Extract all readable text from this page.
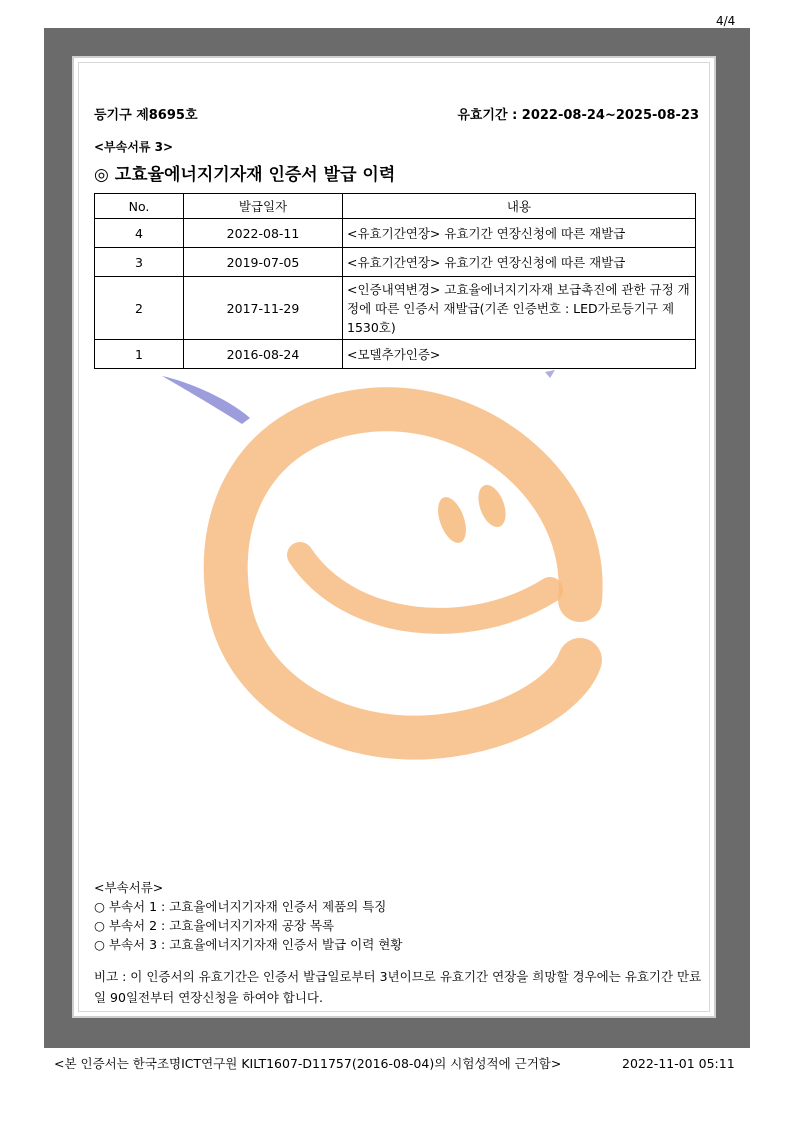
4/4
등기구 제8695호	유효기간 : 2022-08-24~2025-08-23
<부속서류 3>
◎ 고효율에너지기자재 인증서 발급 이력
No.	발급일자	내용
4	2022-08-11	<유효기간연장> 유효기간 연장신청에 따른 재발급
3	2019-07-05	<유효기간연장> 유효기간 연장신청에 따른 재발급
2	2017-11-29	<인증내역변경> 고효율에너지기자재 보급촉진에 관한 규정 개정에 따른 인증서 재발급(기존 인증번호 : LED가로등기구 제1530호)
1	2016-08-24	<모델추가인증>
<부속서류>
○ 부속서 1 : 고효율에너지기자재 인증서 제품의 특징
○ 부속서 2 : 고효율에너지기자재 공장 목록
○ 부속서 3 : 고효율에너지기자재 인증서 발급 이력 현황
비고 : 이 인증서의 유효기간은 인증서 발급일로부터 3년이므로 유효기간 연장을 희망할 경우에는 유효기간 만료일 90일전부터 연장신청을 하여야 합니다.
<본 인증서는 한국조명ICT연구원 KILT1607-D11757(2016-08-04)의 시험성적에 근거함>	2022-11-01 05:11
